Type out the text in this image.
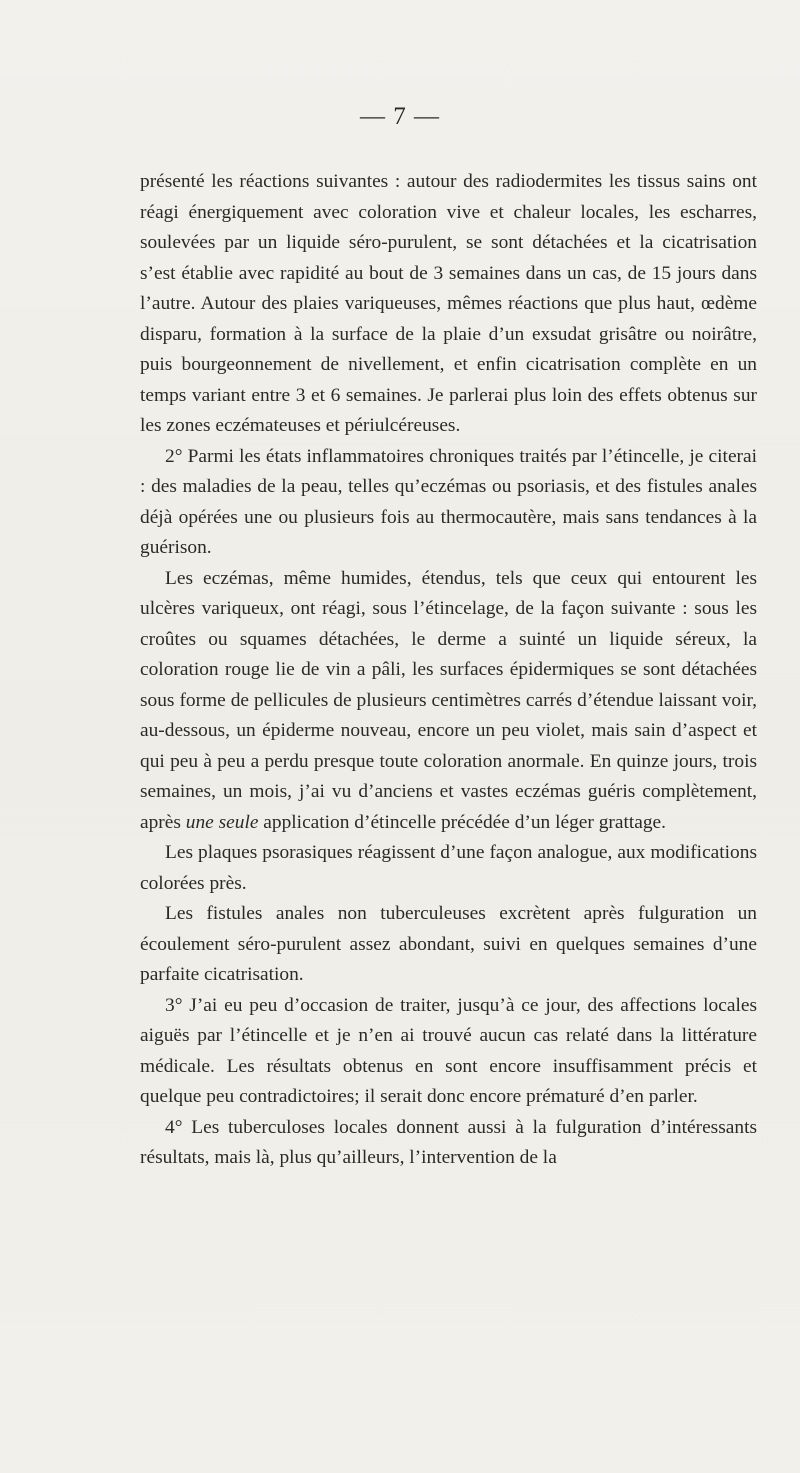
— 7 —

présenté les réactions suivantes : autour des radiodermites les tissus sains ont réagi énergiquement avec coloration vive et chaleur locales, les escharres, soulevées par un liquide séro-purulent, se sont détachées et la cicatrisation s’est établie avec rapidité au bout de 3 semaines dans un cas, de 15 jours dans l’autre. Autour des plaies variqueuses, mêmes réactions que plus haut, œdème disparu, formation à la surface de la plaie d’un exsudat grisâtre ou noirâtre, puis bourgeonnement de nivellement, et enfin cicatrisation complète en un temps variant entre 3 et 6 semaines. Je parlerai plus loin des effets obtenus sur les zones eczémateuses et périulcéreuses.

2° Parmi les états inflammatoires chroniques traités par l’étincelle, je citerai : des maladies de la peau, telles qu’eczémas ou psoriasis, et des fistules anales déjà opérées une ou plusieurs fois au thermocautère, mais sans tendances à la guérison.

Les eczémas, même humides, étendus, tels que ceux qui entourent les ulcères variqueux, ont réagi, sous l’étincelage, de la façon suivante : sous les croûtes ou squames détachées, le derme a suinté un liquide séreux, la coloration rouge lie de vin a pâli, les surfaces épidermiques se sont détachées sous forme de pellicules de plusieurs centimètres carrés d’étendue laissant voir, au-dessous, un épiderme nouveau, encore un peu violet, mais sain d’aspect et qui peu à peu a perdu presque toute coloration anormale. En quinze jours, trois semaines, un mois, j’ai vu d’anciens et vastes eczémas guéris complètement, après une seule application d’étincelle précédée d’un léger grattage.

Les plaques psorasiques réagissent d’une façon analogue, aux modifications colorées près.

Les fistules anales non tuberculeuses excrètent après fulguration un écoulement séro-purulent assez abondant, suivi en quelques semaines d’une parfaite cicatrisation.

3° J’ai eu peu d’occasion de traiter, jusqu’à ce jour, des affections locales aiguës par l’étincelle et je n’en ai trouvé aucun cas relaté dans la littérature médicale. Les résultats obtenus en sont encore insuffisamment précis et quelque peu contradictoires; il serait donc encore prématuré d’en parler.

4° Les tuberculoses locales donnent aussi à la fulguration d’intéressants résultats, mais là, plus qu’ailleurs, l’intervention de la
